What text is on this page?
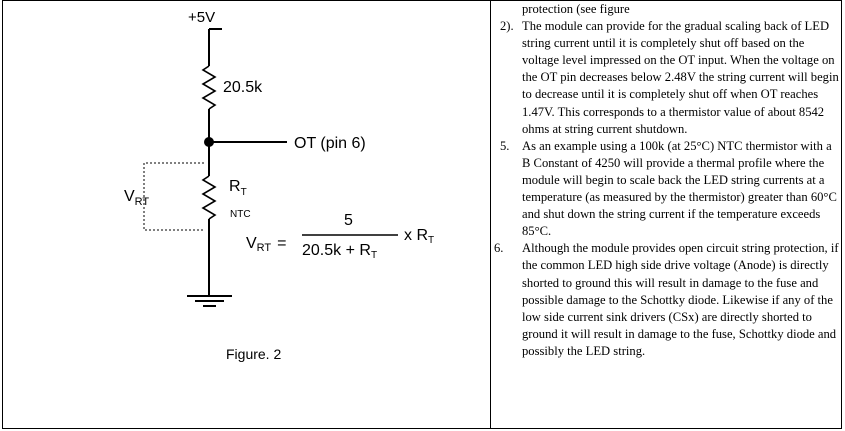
+5V
20.5k
OT (pin 6)
$V_{RT}$
$R_T$
NTC
VRT =
5
20.5k + RT
x RT
Figure. 2

protection (see figure

2). The module can provide for the gradual scaling back of LED string current until it is completely shut off based on the voltage level impressed on the OT input. When the voltage on the OT pin decreases below 2.48V the string current will begin to decrease until it is completely shut off when OT reaches 1.47V. This corresponds to a thermistor value of about 8542 ohms at string current shutdown.

5. As an example using a 100k (at 25°C) NTC thermistor with a B Constant of 4250 will provide a thermal profile where the module will begin to scale back the LED string currents at a temperature (as measured by the thermistor) greater than 60°C and shut down the string current if the temperature exceeds 85°C.

6.	Although the module provides open circuit string protection, if the common LED high side drive voltage (Anode) is directly shorted to ground this will result in damage to the fuse and possible damage to the Schottky diode. Likewise if any of the low side current sink drivers (CSx) are directly shorted to ground it will result in damage to the fuse, Schottky diode and possibly the LED string.
